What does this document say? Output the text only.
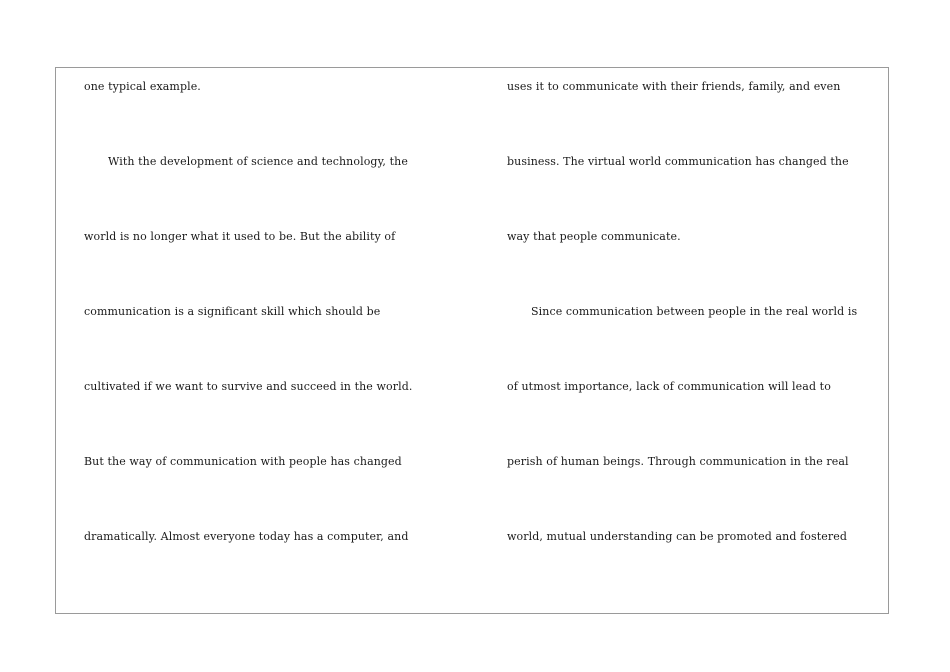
one typical example.
With the development of science and technology, the
world is no longer what it used to be. But the ability of
communication is a significant skill which should be
cultivated if we want to survive and succeed in the world.
But the way of communication with people has changed
dramatically. Almost everyone today has a computer, and
uses it to communicate with their friends, family, and even
business. The virtual world communication has changed the
way that people communicate.
Since communication between people in the real world is
of utmost importance, lack of communication will lead to
perish of human beings. Through communication in the real
world, mutual understanding can be promoted and fostered
